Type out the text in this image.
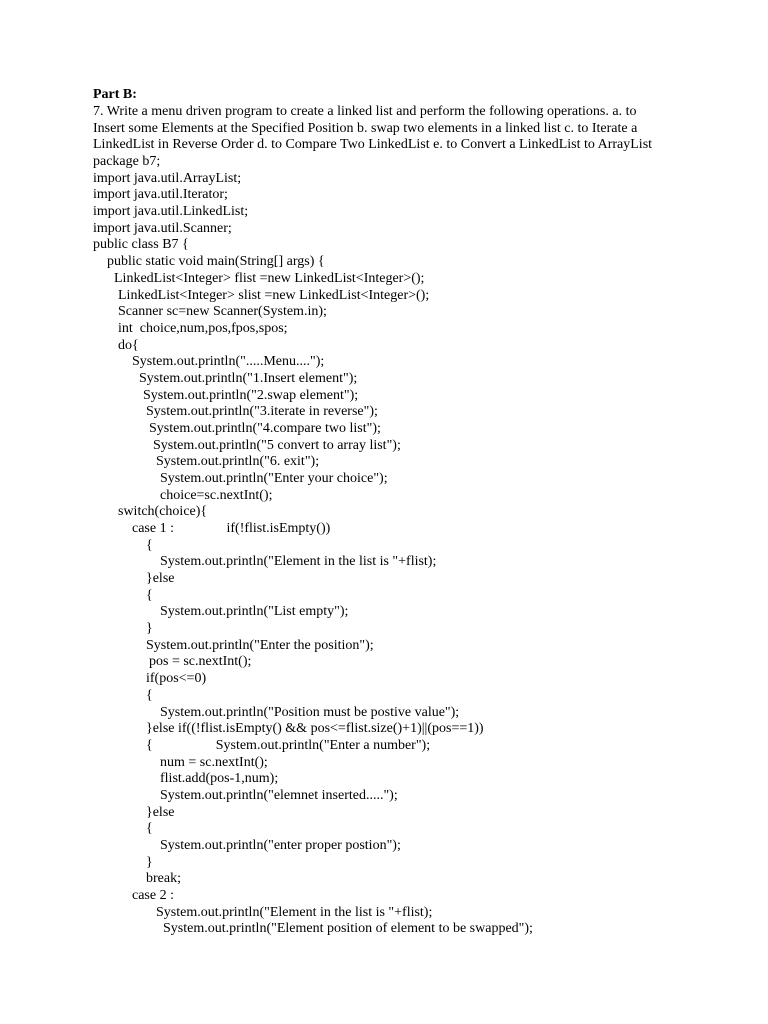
Part B:
7. Write a menu driven program to create a linked list and perform the following operations. a. to
Insert some Elements at the Specified Position b. swap two elements in a linked list c. to Iterate a
LinkedList in Reverse Order d. to Compare Two LinkedList e. to Convert a LinkedList to ArrayList
package b7;
import java.util.ArrayList;
import java.util.Iterator;
import java.util.LinkedList;
import java.util.Scanner;
public class B7 {
public static void main(String[] args) {
LinkedList<Integer> flist =new LinkedList<Integer>();
LinkedList<Integer> slist =new LinkedList<Integer>();
Scanner sc=new Scanner(System.in);
int  choice,num,pos,fpos,spos;
do{
System.out.println(".....Menu....");
System.out.println("1.Insert element");
System.out.println("2.swap element");
System.out.println("3.iterate in reverse");
System.out.println("4.compare two list");
System.out.println("5 convert to array list");
System.out.println("6. exit");
System.out.println("Enter your choice");
choice=sc.nextInt();
switch(choice){
case 1 :               if(!flist.isEmpty())
{
System.out.println("Element in the list is "+flist);
}else
{
System.out.println("List empty");
}
System.out.println("Enter the position");
pos = sc.nextInt();
if(pos<=0)
{
System.out.println("Position must be postive value");
}else if((!flist.isEmpty() && pos<=flist.size()+1)||(pos==1))
{                  System.out.println("Enter a number");
num = sc.nextInt();
flist.add(pos-1,num);
System.out.println("elemnet inserted.....");
}else
{
System.out.println("enter proper postion");
}
break;
case 2 :
System.out.println("Element in the list is "+flist);
System.out.println("Element position of element to be swapped");
